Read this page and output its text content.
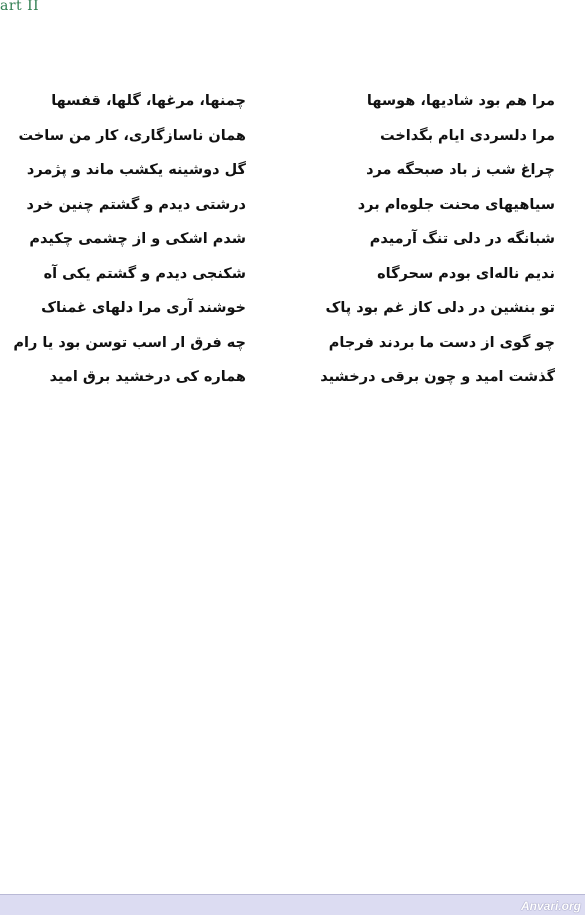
art II
چمنها، مرغها، گلها، قفسها
همان ناسازگاری، کار من ساخت
گل دوشینه یکشب ماند و پژمرد
درشتی دیدم و گشتم چنین خرد
شدم اشکی و از چشمی چکیدم
شکنجی دیدم و گشتم یکی آه
خوشند آری مرا دلهای غمناک
چه فرق ار اسب توسن بود یا رام
هماره کی درخشید برق امید
مرا هم بود شادیها، هوسها
مرا دلسردی ایام بگداخت
چراغ شب ز باد صبحگه مرد
سیاهیهای محنت جلوه‌ام برد
شبانگه در دلی تنگ آرمیدم
ندیم ناله‌ای بودم سحرگاه
تو بنشین در دلی کاز غم بود پاک
چو گوی از دست ما بردند فرجام
گذشت امید و چون برقی درخشید
Anvari.org
